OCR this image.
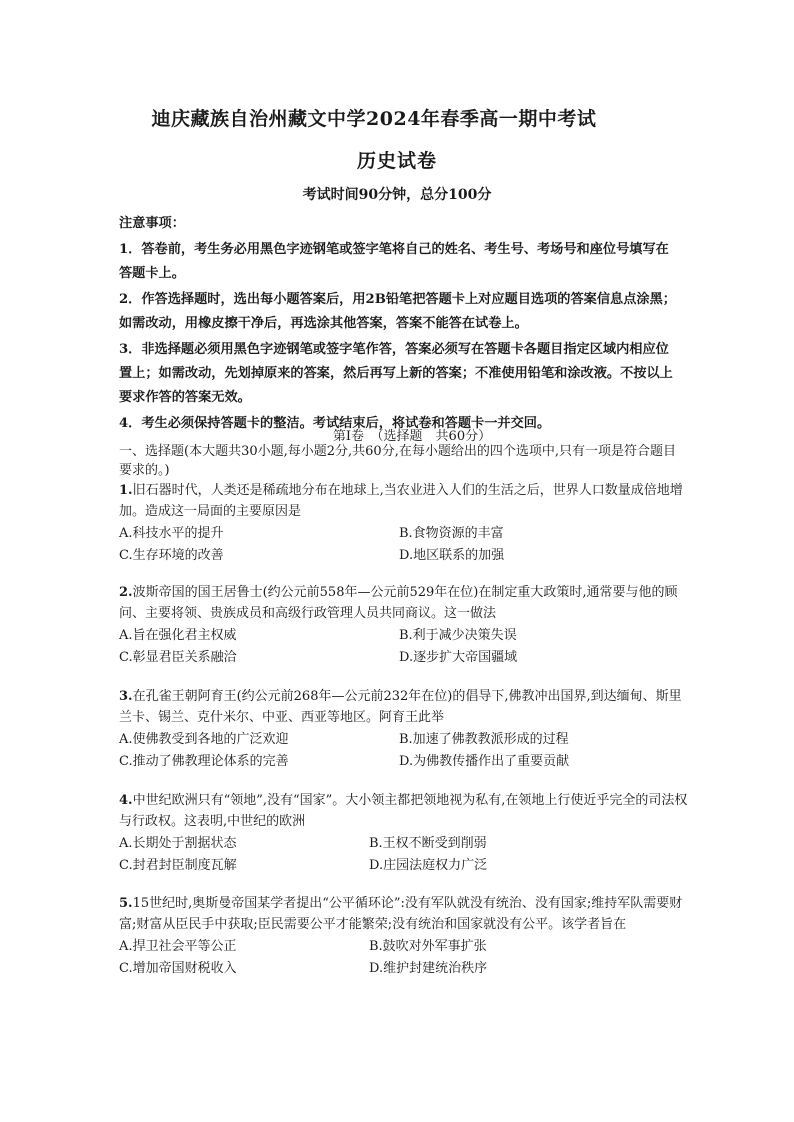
迪庆藏族自治州藏文中学2024年春季高一期中考试
历史试卷
考试时间90分钟，总分100分

注意事项：

1．答卷前，考生务必用黑色字迹钢笔或签字笔将自己的姓名、考生号、考场号和座位号填写在答题卡上。

2．作答选择题时，选出每小题答案后，用2B铅笔把答题卡上对应题目选项的答案信息点涂黑；如需改动，用橡皮擦干净后，再选涂其他答案，答案不能答在试卷上。

3．非选择题必须用黑色字迹钢笔或签字笔作答，答案必须写在答题卡各题目指定区域内相应位置上；如需改动，先划掉原来的答案，然后再写上新的答案；不准使用铅笔和涂改液。不按以上要求作答的答案无效。

4．考生必须保持答题卡的整洁。考试结束后，将试卷和答题卡一并交回。

第Ⅰ卷　（选择题　共60分）
一、选择题(本大题共30小题,每小题2分,共60分,在每小题给出的四个选项中,只有一项是符合题目要求的。)

1.旧石器时代，人类还是稀疏地分布在地球上,当农业进入人们的生活之后，世界人口数量成倍地增加。造成这一局面的主要原因是

A.科技水平的提升	B.食物资源的丰富
C.生存环境的改善	D.地区联系的加强

2.波斯帝国的国王居鲁士(约公元前558年—公元前529年在位)在制定重大政策时,通常要与他的顾问、主要将领、贵族成员和高级行政管理人员共同商议。这一做法

A.旨在强化君主权威	B.利于减少决策失误
C.彰显君臣关系融洽	D.逐步扩大帝国疆域

3.在孔雀王朝阿育王(约公元前268年—公元前232年在位)的倡导下,佛教冲出国界,到达缅甸、斯里兰卡、锡兰、克什米尔、中亚、西亚等地区。阿育王此举

A.使佛教受到各地的广泛欢迎	B.加速了佛教教派形成的过程
C.推动了佛教理论体系的完善	D.为佛教传播作出了重要贡献

4.中世纪欧洲只有“领地”,没有“国家”。大小领主都把领地视为私有,在领地上行使近乎完全的司法权与行政权。这表明,中世纪的欧洲

A.长期处于割据状态	B.王权不断受到削弱
C.封君封臣制度瓦解	D.庄园法庭权力广泛

5.15世纪时,奥斯曼帝国某学者提出“公平循环论”:没有军队就没有统治、没有国家;维持军队需要财富;财富从臣民手中获取;臣民需要公平才能繁荣;没有统治和国家就没有公平。该学者旨在

A.捍卫社会平等公正	B.鼓吹对外军事扩张
C.增加帝国财税收入	D.维护封建统治秩序
